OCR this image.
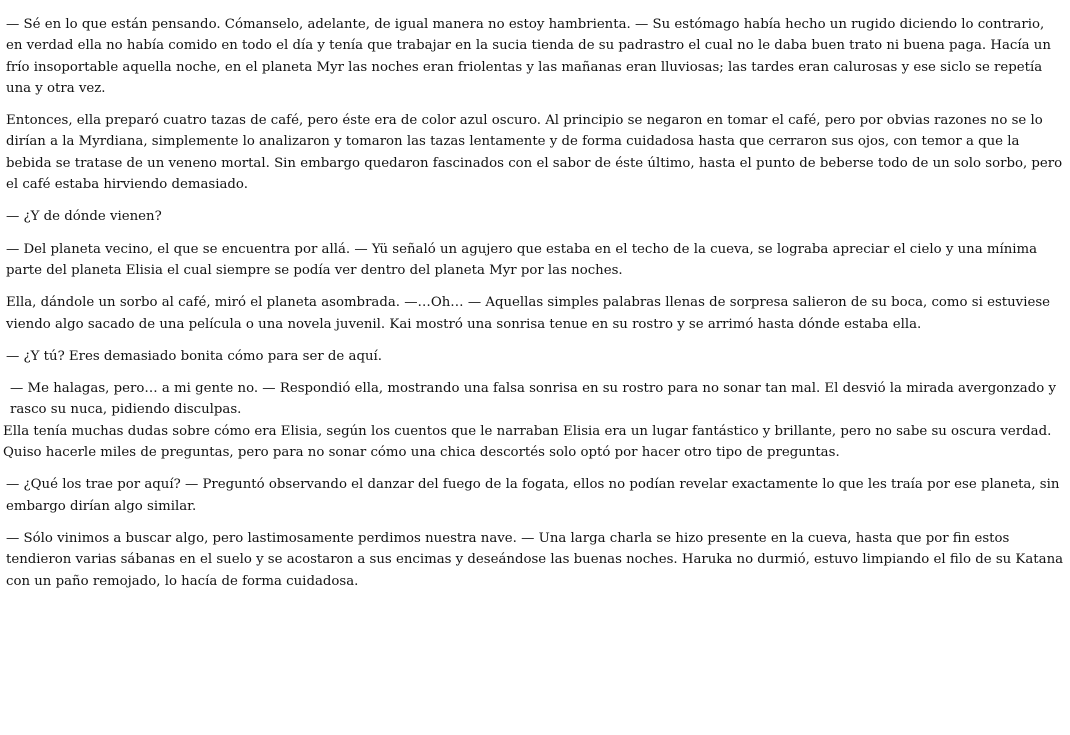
— Sé en lo que están pensando. Cómanselo, adelante, de igual manera no estoy hambrienta. — Su estómago había hecho un rugido diciendo lo contrario, en verdad ella no había comido en todo el día y tenía que trabajar en la sucia tienda de su padrastro el cual no le daba buen trato ni buena paga. Hacía un frío insoportable aquella noche, en el planeta Myr las noches eran friolentas y las mañanas eran lluviosas; las tardes eran calurosas y ese siclo se repetía una y otra vez.

Entonces, ella preparó cuatro tazas de café, pero éste era de color azul oscuro. Al principio se negaron en tomar el café, pero por obvias razones no se lo dirían a la Myrdiana, simplemente lo analizaron y tomaron las tazas lentamente y de forma cuidadosa hasta que cerraron sus ojos, con temor a que la bebida se tratase de un veneno mortal. Sin embargo quedaron fascinados con el sabor de éste último, hasta el punto de beberse todo de un solo sorbo, pero el café estaba hirviendo demasiado.

— ¿Y de dónde vienen?

— Del planeta vecino, el que se encuentra por allá. — Yü señaló un agujero que estaba en el techo de la cueva, se lograba apreciar el cielo y una mínima parte del planeta Elisia el cual siempre se podía ver dentro del planeta Myr por las noches.

Ella, dándole un sorbo al café, miró el planeta asombrada. —…Oh… — Aquellas simples palabras llenas de sorpresa salieron de su boca, como si estuviese viendo algo sacado de una película o una novela juvenil. Kai mostró una sonrisa tenue en su rostro y se arrimó hasta dónde estaba ella.

— ¿Y tú? Eres demasiado bonita cómo para ser de aquí.

— Me halagas, pero… a mi gente no. — Respondió ella, mostrando una falsa sonrisa en su rostro para no sonar tan mal. El desvió la mirada avergonzado y rasco su nuca, pidiendo disculpas.

Ella tenía muchas dudas sobre cómo era Elisia, según los cuentos que le narraban Elisia era un lugar fantástico y brillante, pero no sabe su oscura verdad. Quiso hacerle miles de preguntas, pero para no sonar cómo una chica descortés solo optó por hacer otro tipo de preguntas.

— ¿Qué los trae por aquí? — Preguntó observando el danzar del fuego de la fogata, ellos no podían revelar exactamente lo que les traía por ese planeta, sin embargo dirían algo similar.

— Sólo vinimos a buscar algo, pero lastimosamente perdimos nuestra nave. — Una larga charla se hizo presente en la cueva, hasta que por fin estos tendieron varias sábanas en el suelo y se acostaron a sus encimas y deseándose las buenas noches. Haruka no durmió, estuvo limpiando el filo de su Katana con un paño remojado, lo hacía de forma cuidadosa.
